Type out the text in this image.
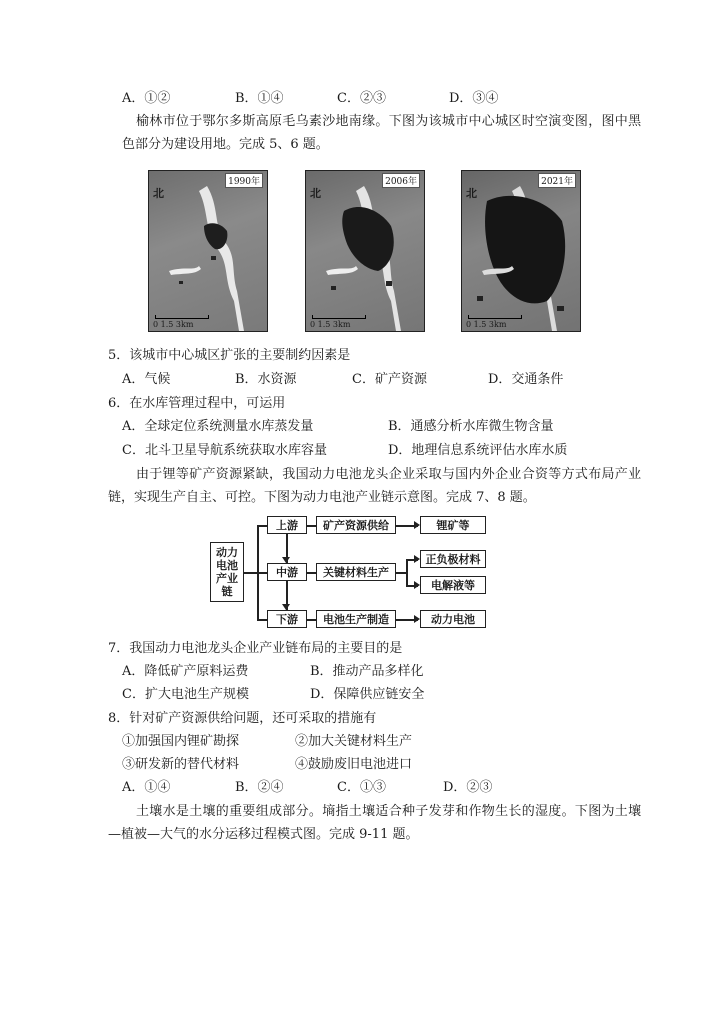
A．①②	B．①④	C．②③	D．③④
榆林市位于鄂尔多斯高原毛乌素沙地南缘。下图为该城市中心城区时空演变图，图中黑
色部分为建设用地。完成 5、6 题。
北
1990年
0 1.5 3km
北
2006年
0 1.5 3km
北
2021年
0 1.5 3km
5．该城市中心城区扩张的主要制约因素是
A．气候	B．水资源	C．矿产资源	D．交通条件
6．在水库管理过程中，可运用
A．全球定位系统测量水库蒸发量	B．通感分析水库微生物含量
C．北斗卫星导航系统获取水库容量	D．地理信息系统评估水库水质
由于锂等矿产资源紧缺，我国动力电池龙头企业采取与国内外企业合资等方式布局产业
链，实现生产自主、可控。下图为动力电池产业链示意图。完成 7、8 题。
动力电池产业链
上游
中游
下游
矿产资源供给
关键材料生产
电池生产制造
锂矿等
正负极材料
电解液等
动力电池
7．我国动力电池龙头企业产业链布局的主要目的是
A．降低矿产原料运费	B．推动产品多样化
C．扩大电池生产规模	D．保障供应链安全
8．针对矿产资源供给问题，还可采取的措施有
①加强国内锂矿勘探	②加大关键材料生产
③研发新的替代材料	④鼓励废旧电池进口
A．①④	B．②④	C．①③	D．②③
土壤水是土壤的重要组成部分。墒指土壤适合种子发芽和作物生长的湿度。下图为土壤
—植被—大气的水分运移过程模式图。完成 9-11 题。
